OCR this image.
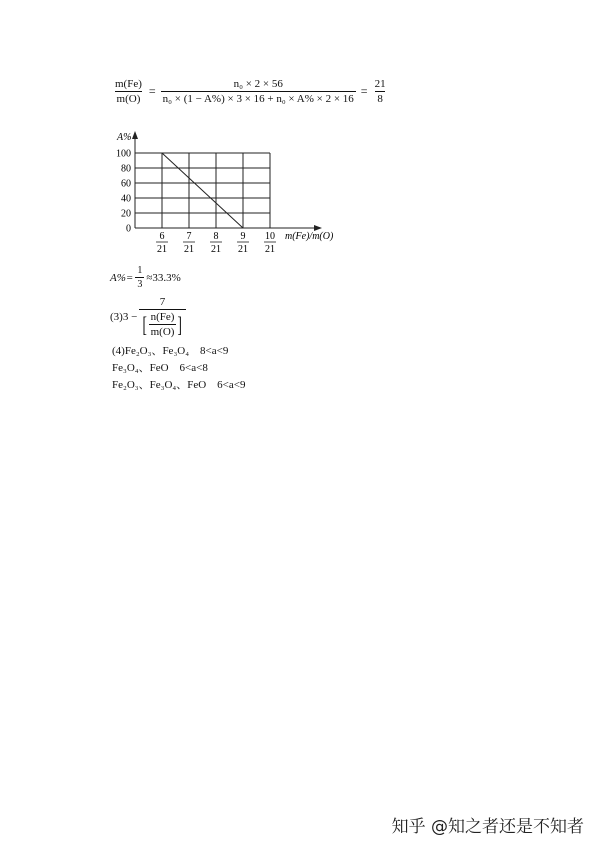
$\frac{m(Fe)}{m(O)} = \frac{\text{n₀ × 2 × 56}}{\text{n₀ × (1 − A\%) × 3 × 16 + n₀ × A\% × 2 × 16}} = \frac{21}{8}$
A%
m(Fe)/m(O)
100
80
60
40
20
0
6
21
7
21
8
21
9
21
10
21
$A\%= \frac{1}{3} \approx 33.3\%$
$(3)3 - \frac{7}{[ \frac{n(Fe)}{m(O)} ]}$
(4)Fe₂O₃、Fe₃O₄    8<a<9
Fe₃O₄、FeO    6<a<8
Fe₂O₃、Fe₃O₄、FeO    6<a<9
知乎 @知之者还是不知者
